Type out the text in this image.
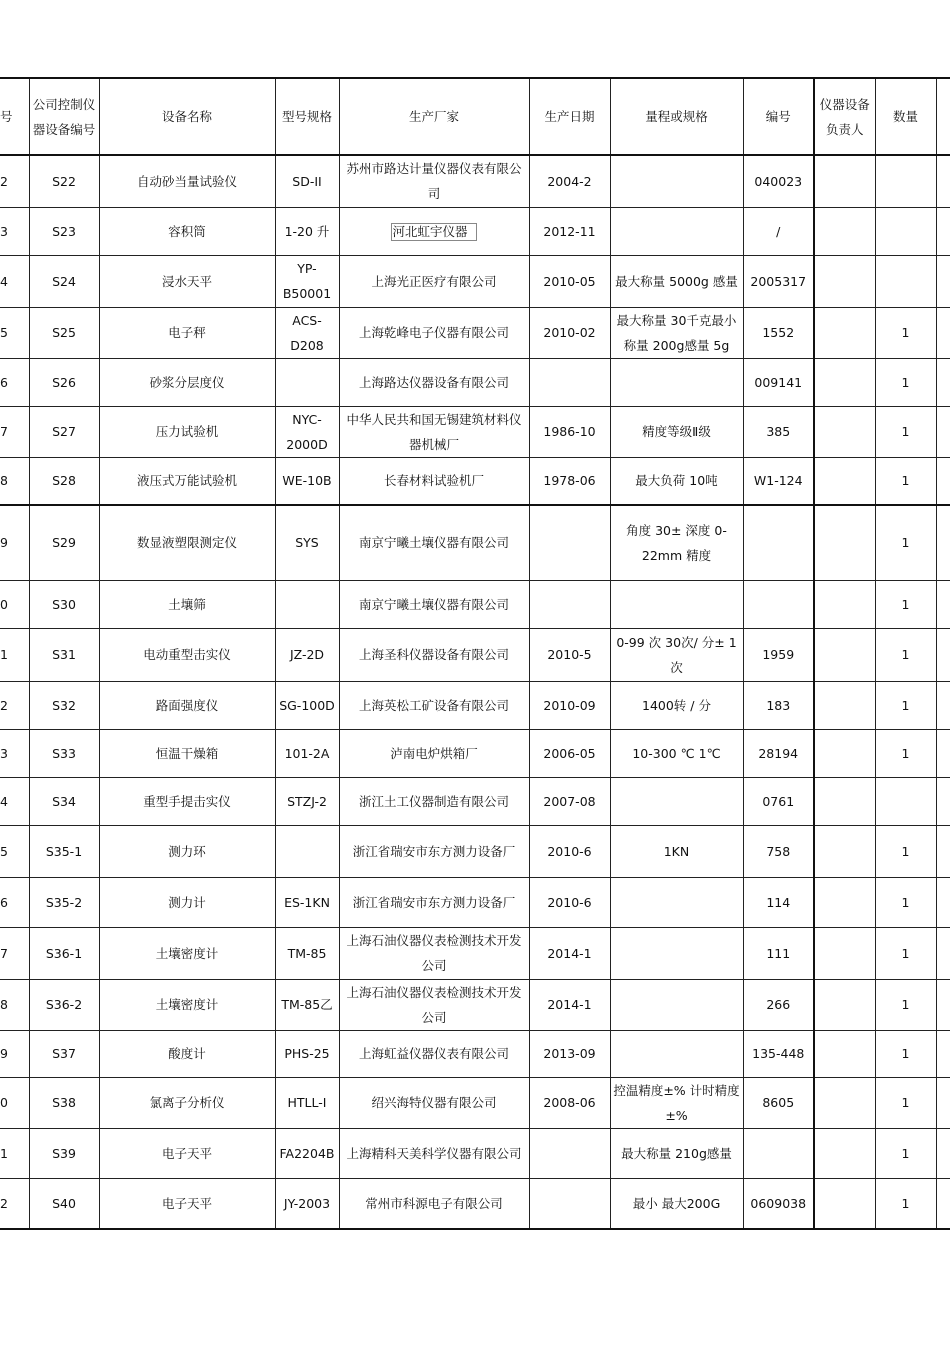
号	公司控制仪器设备编号	设备名称	型号规格	生产厂家	生产日期	量程或规格	编号	仪器设备负责人	数量	
2	S22	自动砂当量试验仪	SD-II	苏州市路达计量仪器仪表有限公司	2004-2		040023			
3	S23	容积筒	1-20 升	河北虹宇仪器	2012-11		/			
4	S24	浸水天平	YP-B50001	上海光正医疗有限公司	2010-05	最大称量 5000g 感量	2005317			
5	S25	电子秤	ACS-D208	上海乾峰电子仪器有限公司	2010-02	最大称量 30千克最小称量 200g感量 5g	1552		1	
6	S26	砂浆分层度仪		上海路达仪器设备有限公司			009141		1	
7	S27	压力试验机	NYC-2000D	中华人民共和国无锡建筑材料仪器机械厂	1986-10	精度等级Ⅱ级	385		1	
8	S28	液压式万能试验机	WE-10B	长春材料试验机厂	1978-06	最大负荷 10吨	W1-124		1	
9	S29	数显液塑限测定仪	SYS	南京宁曦土壤仪器有限公司		角度 30± 深度 0-22mm 精度			1	
0	S30	土壤筛		南京宁曦土壤仪器有限公司					1	
1	S31	电动重型击实仪	JZ-2D	上海圣科仪器设备有限公司	2010-5	0-99 次 30次/ 分± 1次	1959		1	
2	S32	路面强度仪	SG-100D	上海英松工矿设备有限公司	2010-09	1400转 / 分	183		1	
3	S33	恒温干燥箱	101-2A	泸南电炉烘箱厂	2006-05	10-300 ℃ 1℃	28194		1	
4	S34	重型手提击实仪	STZJ-2	浙江土工仪器制造有限公司	2007-08		0761			
5	S35-1	测力环		浙江省瑞安市东方测力设备厂	2010-6	1KN	758		1	
6	S35-2	测力计	ES-1KN	浙江省瑞安市东方测力设备厂	2010-6		114		1	
7	S36-1	土壤密度计	TM-85	上海石油仪器仪表检测技术开发公司	2014-1		111		1	
8	S36-2	土壤密度计	TM-85乙	上海石油仪器仪表检测技术开发公司	2014-1		266		1	
9	S37	酸度计	PHS-25	上海虹益仪器仪表有限公司	2013-09		135-448		1	
0	S38	氯离子分析仪	HTLL-I	绍兴海特仪器有限公司	2008-06	控温精度±% 计时精度±%	8605		1	
1	S39	电子天平	FA2204B	上海精科天美科学仪器有限公司		最大称量 210g感量			1	
2	S40	电子天平	JY-2003	常州市科源电子有限公司		最小 最大200G	0609038		1	
